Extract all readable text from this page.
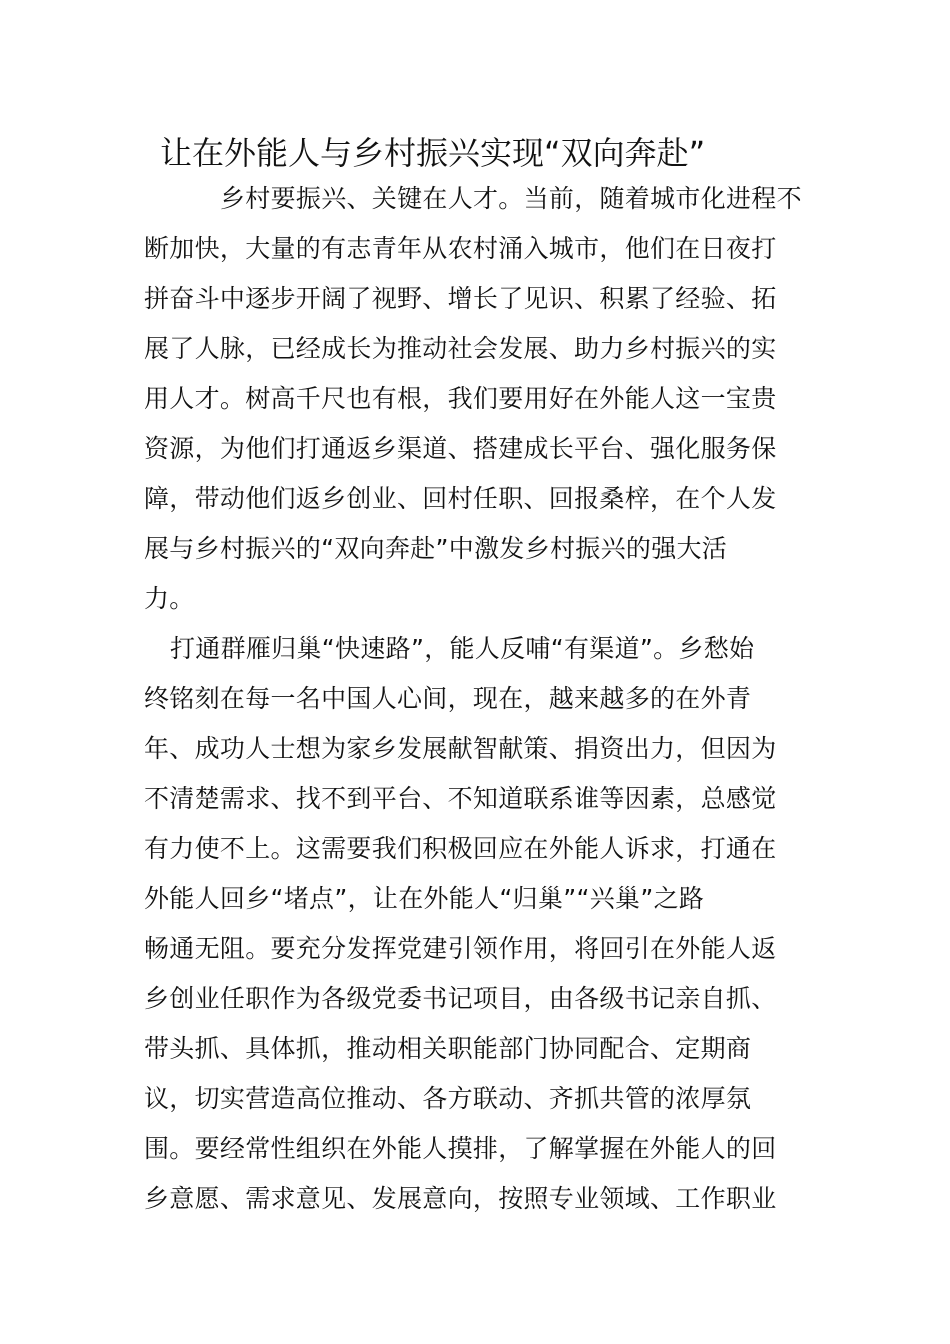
让在外能人与乡村振兴实现“双向奔赴”
乡村要振兴、关键在人才。当前，随着城市化进程不
断加快，大量的有志青年从农村涌入城市，他们在日夜打
拼奋斗中逐步开阔了视野、增长了见识、积累了经验、拓
展了人脉，已经成长为推动社会发展、助力乡村振兴的实
用人才。树高千尺也有根，我们要用好在外能人这一宝贵
资源，为他们打通返乡渠道、搭建成长平台、强化服务保
障，带动他们返乡创业、回村任职、回报桑梓，在个人发
展与乡村振兴的“双向奔赴”中激发乡村振兴的强大活
力。
打通群雁归巢“快速路”，能人反哺“有渠道”。乡愁始
终铭刻在每一名中国人心间，现在，越来越多的在外青
年、成功人士想为家乡发展献智献策、捐资出力，但因为
不清楚需求、找不到平台、不知道联系谁等因素，总感觉
有力使不上。这需要我们积极回应在外能人诉求，打通在
外能人回乡“堵点”，让在外能人“归巢”“兴巢”之路
畅通无阻。要充分发挥党建引领作用，将回引在外能人返
乡创业任职作为各级党委书记项目，由各级书记亲自抓、
带头抓、具体抓，推动相关职能部门协同配合、定期商
议，切实营造高位推动、各方联动、齐抓共管的浓厚氛
围。要经常性组织在外能人摸排，了解掌握在外能人的回
乡意愿、需求意见、发展意向，按照专业领域、工作职业
